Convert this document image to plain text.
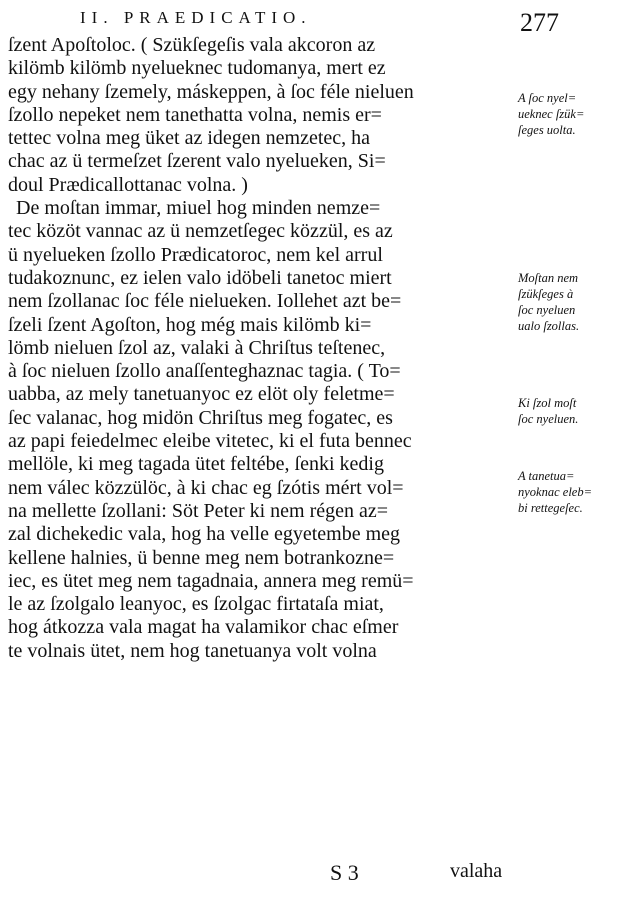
II. PRAEDICATIO.	277
ſzent Apoſtoloc. ( Szükſegeſis vala akcoron az
kilömb kilömb nyelueknec tudomanya, mert ez
egy nehany ſzemely, máskeppen, à ſoc féle nieluen
ſzollo nepeket nem tanethatta volna, nemis er=
tettec volna meg üket az idegen nemzetec, ha
chac az ü termeſzet ſzerent valo nyelueken, Si=
doul Prædicallottanac volna. )
De moſtan immar, miuel hog minden nemze=
tec közöt vannac az ü nemzetſegec közzül, es az
ü nyelueken ſzollo Prædicatoroc, nem kel arrul
tudakoznunc, ez ielen valo idöbeli tanetoc miert
nem ſzollanac ſoc féle nielueken. Iollehet azt be=
ſzeli ſzent Agoſton, hog még mais kilömb ki=
lömb nieluen ſzol az, valaki à Chriſtus teſtenec,
à ſoc nieluen ſzollo anaſſenteghaznac tagia. ( To=
uabba, az mely tanetuanyoc ez elöt oly feletme=
ſec valanac, hog midön Chriſtus meg fogatec, es
az papi feiedelmec eleibe vitetec, ki el futa bennec
mellöle, ki meg tagada ütet feltébe, ſenki kedig
nem válec közzülöc, à ki chac eg ſzótis mért vol=
na mellette ſzollani: Söt Peter ki nem régen az=
zal dichekedic vala, hog ha velle egyetembe meg
kellene halnies, ü benne meg nem botrankozne=
iec, es ütet meg nem tagadnaia, annera meg remü=
le az ſzolgalo leanyoc, es ſzolgac firtataſa miat,
hog átkozza vala magat ha valamikor chac eſmer
te volnais ütet, nem hog tanetuanya volt volna
A ſoc nyel=
ueknec ſzük=
ſeges uolta.
Moſtan nem
ſzükſeges à
ſoc nyeluen
ualo ſzollas.
Ki ſzol moſt
ſoc nyeluen.
A tanetua=
nyoknac eleb=
bi rettegeſec.
S 3	valaha
